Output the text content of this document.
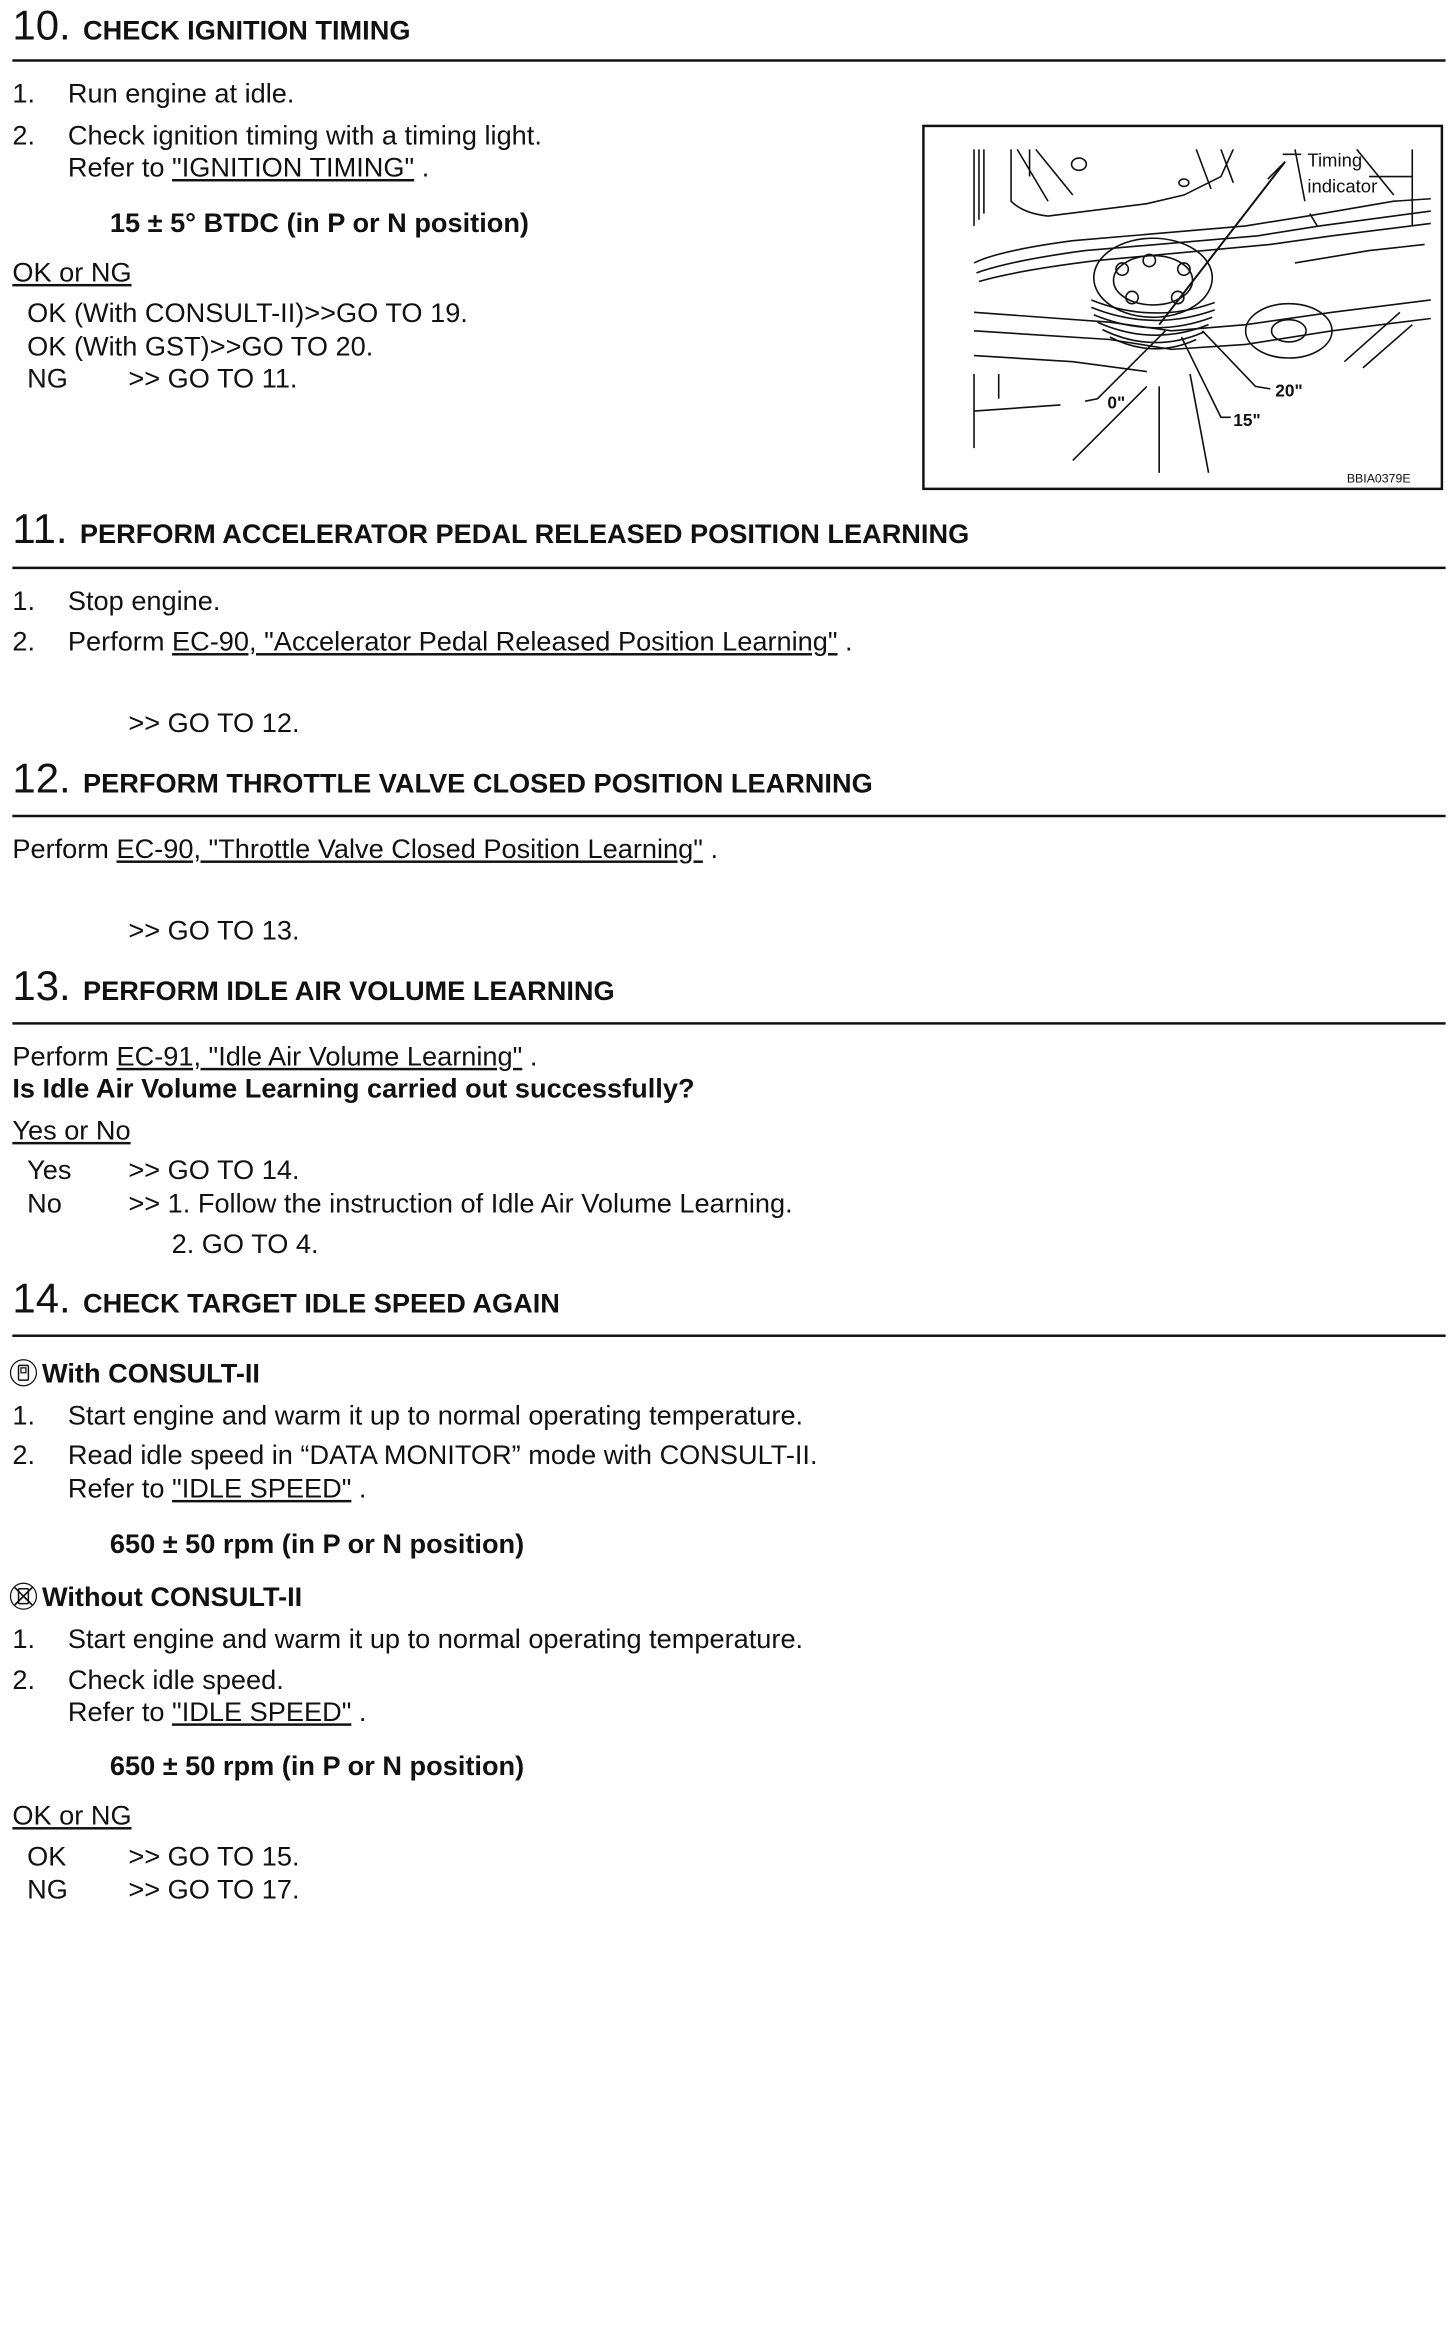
10. CHECK IGNITION TIMING
1. Run engine at idle.
2. Check ignition timing with a timing light.
Refer to "IGNITION TIMING" .
15 ± 5° BTDC (in P or N position)
OK or NG
OK (With CONSULT-II)>>GO TO 19.
OK (With GST)>>GO TO 20.
NG	>> GO TO 11.
Timing
indicator
0"
15"
20"
BBIA0379E
11. PERFORM ACCELERATOR PEDAL RELEASED POSITION LEARNING
1. Stop engine.
2. Perform EC-90, "Accelerator Pedal Released Position Learning" .
>> GO TO 12.
12. PERFORM THROTTLE VALVE CLOSED POSITION LEARNING
Perform EC-90, "Throttle Valve Closed Position Learning" .
>> GO TO 13.
13. PERFORM IDLE AIR VOLUME LEARNING
Perform EC-91, "Idle Air Volume Learning" .
Is Idle Air Volume Learning carried out successfully?
Yes or No
Yes	>> GO TO 14.
No	>> 1. Follow the instruction of Idle Air Volume Learning.
2. GO TO 4.
14. CHECK TARGET IDLE SPEED AGAIN
With CONSULT-II
1. Start engine and warm it up to normal operating temperature.
2. Read idle speed in “DATA MONITOR” mode with CONSULT-II.
Refer to "IDLE SPEED" .
650 ± 50 rpm (in P or N position)
Without CONSULT-II
1. Start engine and warm it up to normal operating temperature.
2. Check idle speed.
Refer to "IDLE SPEED" .
650 ± 50 rpm (in P or N position)
OK or NG
OK	>> GO TO 15.
NG	>> GO TO 17.
